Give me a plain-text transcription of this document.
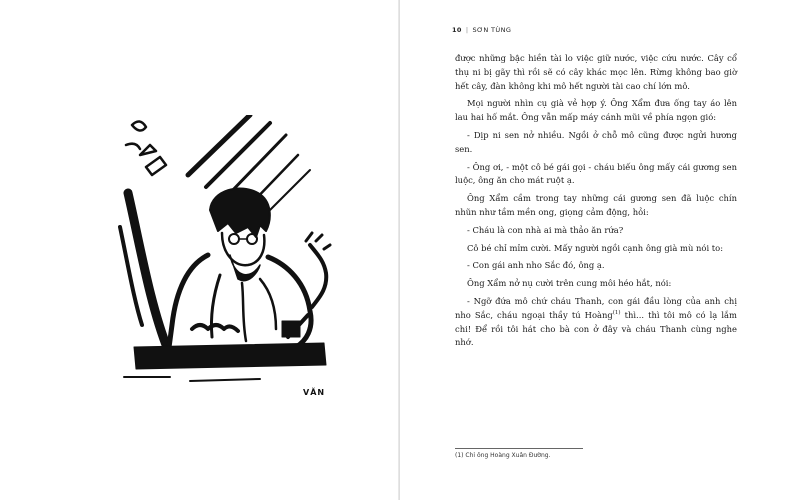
VĂN
10 | SƠN TÙNG

được những bậc hiền tài lo việc giữ nước, việc cứu nước. Cây cổ thụ ni bị gãy thì rồi sẽ có cây khác mọc lên. Rừng không bao giờ hết cây, đàn không khi mô hết người tài cao chí lớn mô.

Mọi người nhìn cụ già vẻ hợp ý. Ông Xẩm đưa ống tay áo lên lau hai hố mắt. Ông vẫn mấp máy cánh mũi về phía ngọn gió:

- Dịp ni sen nở nhiều. Ngồi ở chỗ mô cũng được ngửi hương sen.

- Ông ơi, - một cô bé gái gọi - cháu biếu ông mấy cái gương sen luộc, ông ăn cho mát ruột ạ.

Ông Xẩm cầm trong tay những cái gương sen đã luộc chín nhũn như tầm mền ong, giọng cảm động, hỏi:

- Cháu là con nhà ai mà thảo ăn rứa?

Cô bé chỉ mỉm cười. Mấy người ngồi cạnh ông già mù nói to:

- Con gái anh nho Sắc đó, ông ạ.

Ông Xẩm nở nụ cười trên cung môi héo hắt, nói:

- Ngỡ đứa mô chứ cháu Thanh, con gái đầu lòng của anh chị nho Sắc, cháu ngoại thầy tú Hoàng$^{(1)}$ thì... thì tôi mô có lạ lắm chi! Để rồi tôi hát cho bà con ở đây và cháu Thanh cùng nghe nhớ.

(1) Chỉ ông Hoàng Xuân Đường.
